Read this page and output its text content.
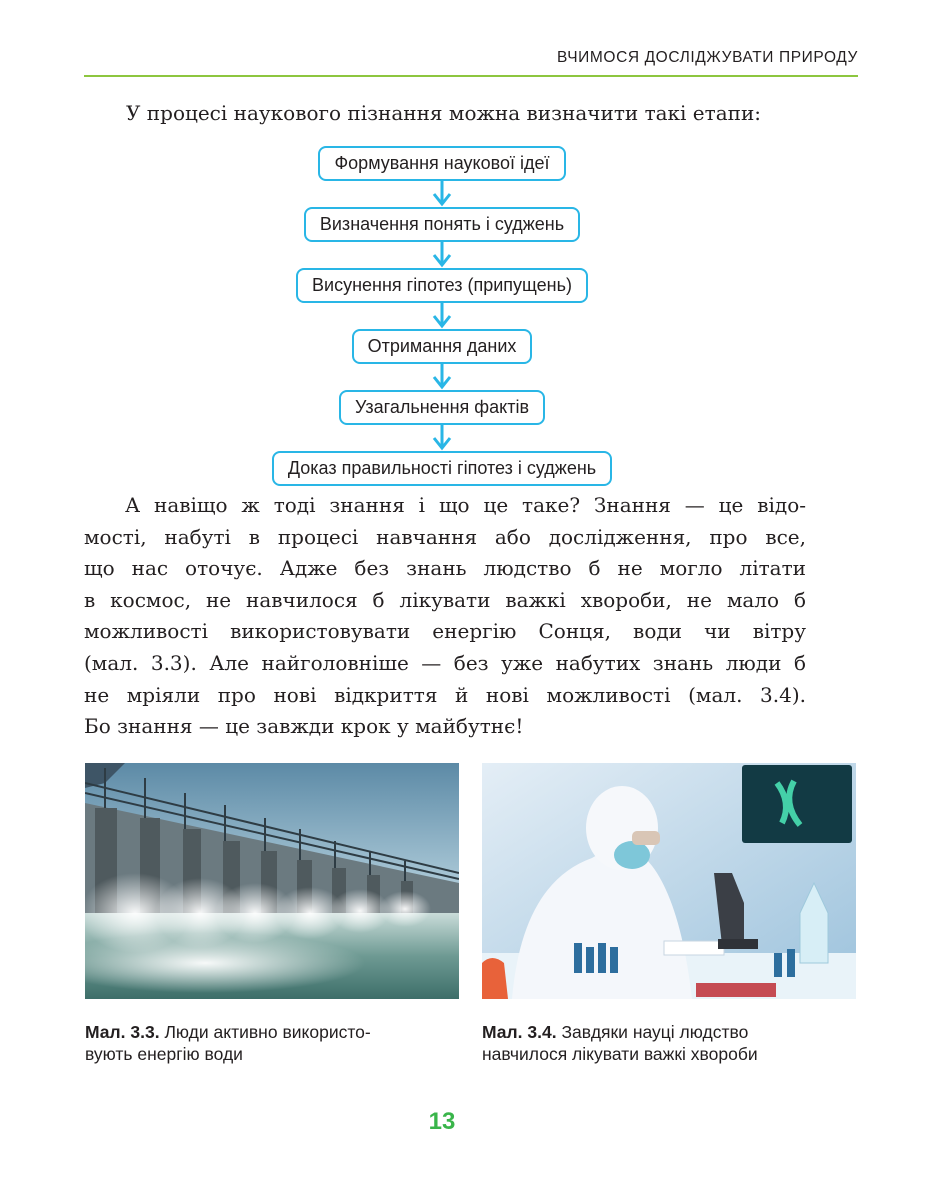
ВЧИМОСЯ ДОСЛІДЖУВАТИ ПРИРОДУ
У процесі наукового пізнання можна визначити такі етапи:
Формування наукової ідеї
Визначення понять і суджень
Висунення гіпотез (припущень)
Отримання даних
Узагальнення фактів
Доказ правильності гіпотез і суджень
А навіщо ж тоді знання і що це таке? Знання — це відо-
мості, набуті в процесі навчання або дослідження, про все,
що нас оточує. Адже без знань людство б не могло літати
в космос, не навчилося б лікувати важкі хвороби, не мало б
можливості використовувати енергію Сонця, води чи вітру
(мал. 3.3). Але найголовніше — без уже набутих знань люди б
не мріяли про нові відкриття й нові можливості (мал. 3.4).
Бо знання — це завжди крок у майбутнє!
Мал. 3.3. Люди активно використо-
вують енергію води
Мал. 3.4. Завдяки науці людство
навчилося лікувати важкі хвороби
13
